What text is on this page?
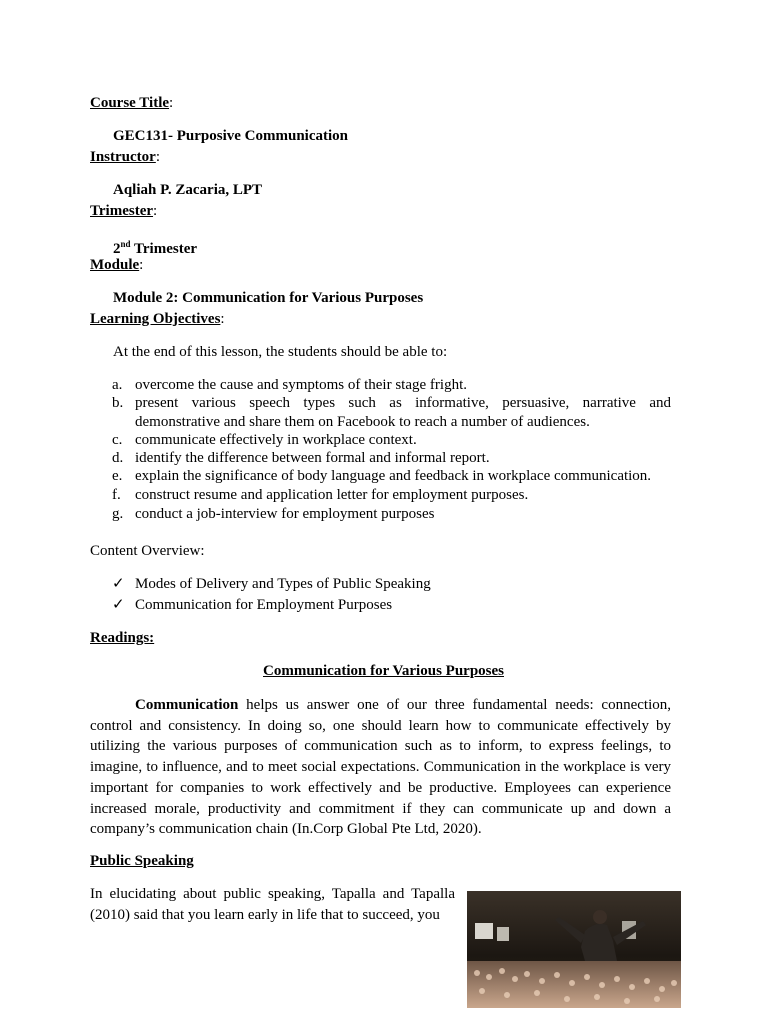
Course Title:
GEC131- Purposive Communication
Instructor:
Aqliah P. Zacaria, LPT
Trimester:
2nd Trimester
Module:
Module 2: Communication for Various Purposes
Learning Objectives:
At the end of this lesson, the students should be able to:
a. overcome the cause and symptoms of their stage fright.
b. present various speech types such as informative, persuasive, narrative and demonstrative and share them on Facebook to reach a number of audiences.
c. communicate effectively in workplace context.
d. identify the difference between formal and informal report.
e. explain the significance of body language and feedback in workplace communication.
f. construct resume and application letter for employment purposes.
g. conduct a job-interview for employment purposes
Content Overview:
✓ Modes of Delivery and Types of Public Speaking
✓ Communication for Employment Purposes
Readings:
Communication for Various Purposes
Communication helps us answer one of our three fundamental needs: connection, control and consistency. In doing so, one should learn how to communicate effectively by utilizing the various purposes of communication such as to inform, to express feelings, to imagine, to influence, and to meet social expectations. Communication in the workplace is very important for companies to work effectively and be productive. Employees can experience increased morale, productivity and commitment if they can communicate up and down a company’s communication chain (In.Corp Global Pte Ltd, 2020).
Public Speaking
In elucidating about public speaking, Tapalla and Tapalla (2010) said that you learn early in life that to succeed, you
